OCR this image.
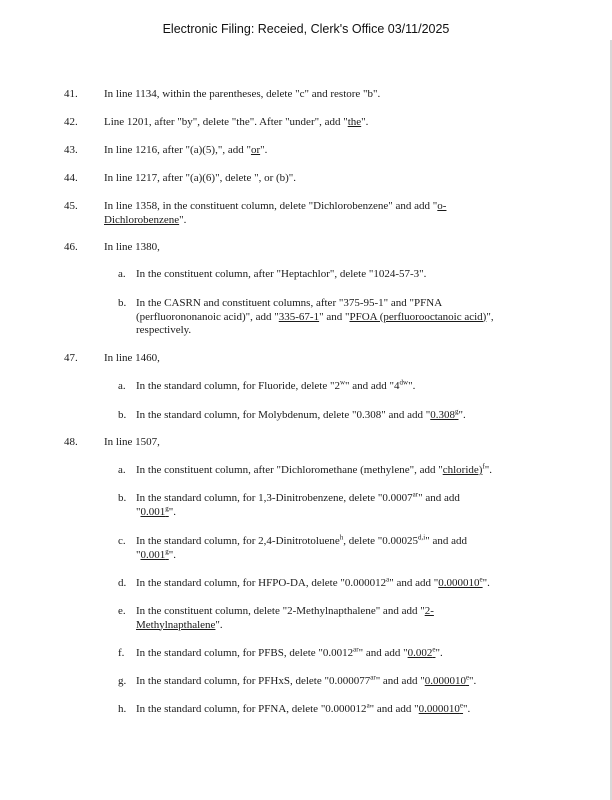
Electronic Filing: Receied, Clerk's Office 03/11/2025
41. In line 1134, within the parentheses, delete "c" and restore "b".
42. Line 1201, after "by", delete "the". After "under", add "the".
43. In line 1216, after "(a)(5),", add "or".
44. In line 1217, after "(a)(6)", delete ", or (b)".
45. In line 1358, in the constituent column, delete "Dichlorobenzene" and add "o-
Dichlorobenzene".
46. In line 1380,
a. In the constituent column, after "Heptachlor", delete "1024-57-3".
b. In the CASRN and constituent columns, after "375-95-1" and "PFNA
(perfluorononanoic acid)", add "335-67-1" and "PFOA (perfluorooctanoic acid)",
respectively.
47. In line 1460,
a. In the standard column, for Fluoride, delete "2$^w$" and add "$4^{dw}$".
b. In the standard column, for Molybdenum, delete "0.308" and add "0.308$^g$".
48. In line 1507,
a. In the constituent column, after "Dichloromethane (methylene", add "chloride)$^f$".
b. In the standard column, for 1,3-Dinitrobenzene, delete "$0.0007^{ar}$" and add
"0.001$^g$".
c. In the standard column, for 2,4-Dinitrotoluene$^h$, delete "0.00025$^{d,i}$" and add
"0.001$^g$".
d. In the standard column, for HFPO-DA, delete "0.000012$^a$" and add "0.000010e".
e. In the constituent column, delete "2-Methylnapthalene" and add "2-
Methylnapthalene".
f. In the standard column, for PFBS, delete "$0.0012^{ar}$" and add "0.002e".
g. In the standard column, for PFHxS, delete "$0.000077^{ar}$" and add "0.000010e".
h. In the standard column, for PFNA, delete "0.000012$^a$" and add "0.000010e".
